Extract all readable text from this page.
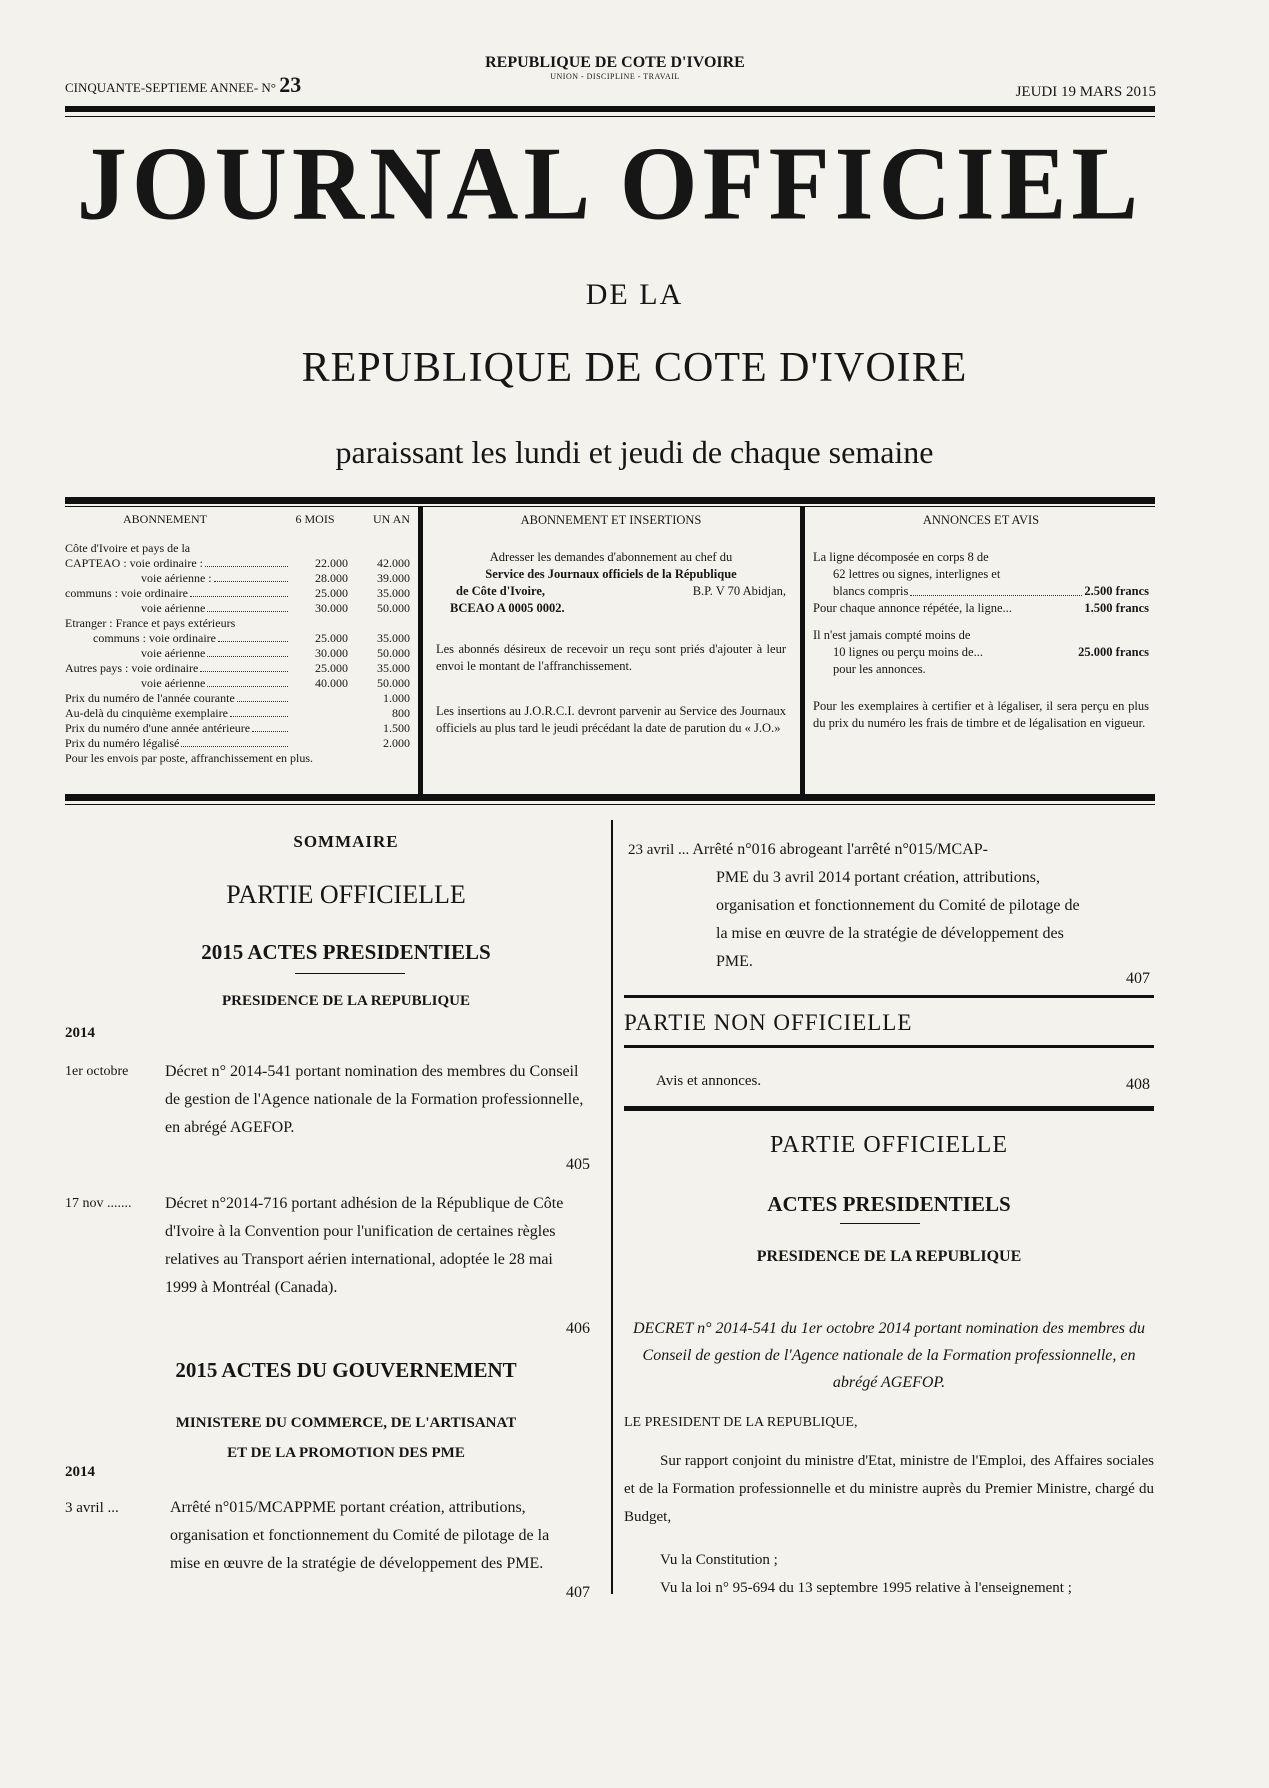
CINQUANTE-SEPTIEME ANNEE- N° 23
REPUBLIQUE DE COTE D'IVOIRE
UNION - DISCIPLINE - TRAVAIL
JEUDI 19 MARS 2015
JOURNAL OFFICIEL
DE LA
REPUBLIQUE DE COTE D'IVOIRE
paraissant les lundi et jeudi de chaque semaine
ABONNEMENT	6 MOIS	UN AN
Côte d'Ivoire et pays de la
CAPTEAO : voie ordinaire :	22.000	42.000
voie aérienne :	28.000	39.000
communs : voie ordinaire	25.000	35.000
voie aérienne	30.000	50.000
Etranger : France et pays extérieurs
communs : voie ordinaire	25.000	35.000
voie aérienne	30.000	50.000
Autres pays : voie ordinaire	25.000	35.000
voie aérienne	40.000	50.000
Prix du numéro de l'année courante	1.000
Au-delà du cinquième exemplaire	800
Prix du numéro d'une année antérieure	1.500
Prix du numéro légalisé	2.000
Pour les envois par poste, affranchissement en plus.
ABONNEMENT ET INSERTIONS
Adresser les demandes d'abonnement au chef du
Service des Journaux officiels de la République
de Côte d'Ivoire,	B.P. V 70 Abidjan,
BCEAO A 0005 0002.
Les abonnés désireux de recevoir un reçu sont priés d'ajouter à leur envoi le montant de l'affranchissement.
Les insertions au J.O.R.C.I. devront parvenir au Service des Journaux officiels au plus tard le jeudi précédant la date de parution du « J.O.»
ANNONCES ET AVIS
La ligne décomposée en corps 8 de
62 lettres ou signes, interlignes et
blancs compris	2.500 francs
Pour chaque annonce répétée, la ligne...	1.500 francs
Il n'est jamais compté moins de
10 lignes ou perçu moins de...	25.000 francs
pour les annonces.
Pour les exemplaires à certifier et à légaliser, il sera perçu en plus du prix du numéro les frais de timbre et de légalisation en vigueur.
SOMMAIRE
PARTIE OFFICIELLE
2015 ACTES PRESIDENTIELS
PRESIDENCE DE LA REPUBLIQUE
2014
1er octobre	Décret n° 2014-541 portant nomination des membres du Conseil de gestion de l'Agence nationale de la Formation professionnelle, en abrégé AGEFOP.
405
17 nov .......	Décret n°2014-716 portant adhésion de la République de Côte d'Ivoire à la Convention pour l'unification de certaines règles relatives au Transport aérien international, adoptée le 28 mai 1999 à Montréal (Canada).
406
2015 ACTES DU GOUVERNEMENT
MINISTERE DU COMMERCE, DE L'ARTISANAT
ET DE LA PROMOTION DES PME
2014
3 avril ...	Arrêté n°015/MCAPPME portant création, attributions, organisation et fonctionnement du Comité de pilotage de la mise en œuvre de la stratégie de développement des PME.
407
23 avril ... Arrêté n°016 abrogeant l'arrêté n°015/MCAP-
PME du 3 avril 2014 portant création, attributions, organisation et fonctionnement du Comité de pilotage de la mise en œuvre de la stratégie de développement des PME.
407
PARTIE NON OFFICIELLE
Avis et annonces.	408
PARTIE OFFICIELLE
ACTES PRESIDENTIELS
PRESIDENCE DE LA REPUBLIQUE
DECRET n° 2014-541 du 1er octobre 2014 portant nomination des membres du Conseil de gestion de l'Agence nationale de la Formation professionnelle, en abrégé AGEFOP.
LE PRESIDENT DE LA REPUBLIQUE,
Sur rapport conjoint du ministre d'Etat, ministre de l'Emploi, des Affaires sociales et de la Formation professionnelle et du ministre auprès du Premier Ministre, chargé du Budget,
Vu la Constitution ;
Vu la loi n° 95-694 du 13 septembre 1995 relative à l'enseignement ;
